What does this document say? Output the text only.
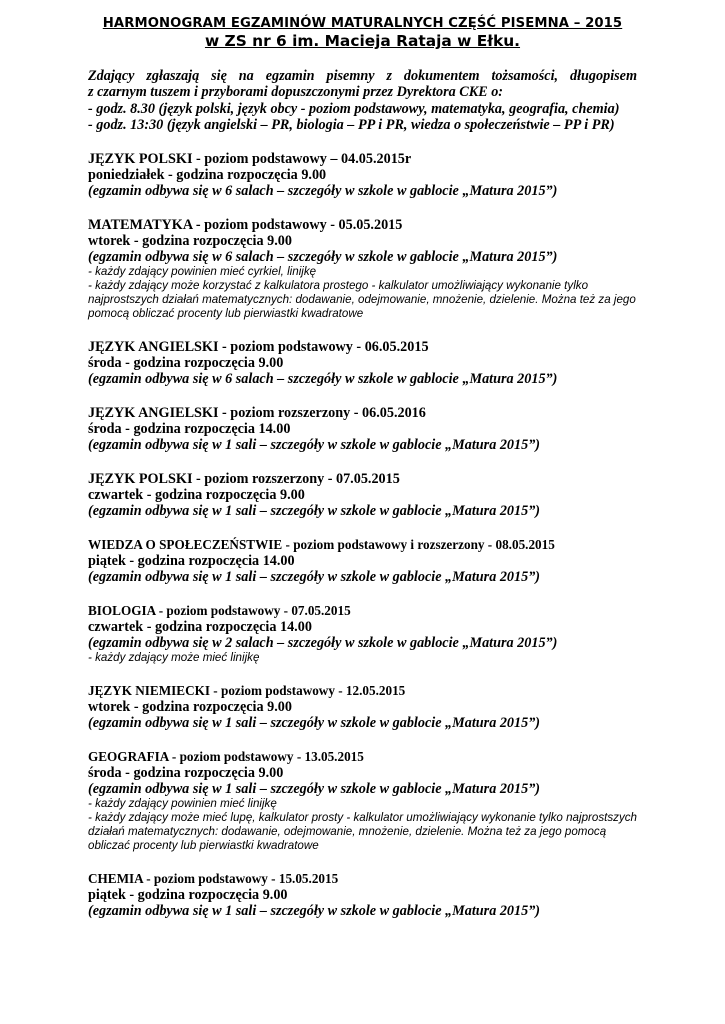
HARMONOGRAM EGZAMINÓW MATURALNYCH CZĘŚĆ PISEMNA – 2015
w ZS nr 6 im. Macieja Rataja w Ełku.
Zdający zgłaszają się na egzamin pisemny z dokumentem tożsamości, długopisem
z czarnym tuszem i przyborami dopuszczonymi przez Dyrektora CKE o:
- godz. 8.30 (język polski, język obcy - poziom podstawowy, matematyka, geografia, chemia)
- godz. 13:30 (język angielski – PR, biologia – PP i PR, wiedza o społeczeństwie – PP i PR)
JĘZYK POLSKI - poziom podstawowy – 04.05.2015r
poniedziałek - godzina rozpoczęcia 9.00
(egzamin odbywa się w 6 salach – szczegóły w szkole w gablocie „Matura 2015”)
MATEMATYKA - poziom podstawowy - 05.05.2015
wtorek - godzina rozpoczęcia 9.00
(egzamin odbywa się w 6 salach – szczegóły w szkole w gablocie „Matura 2015”)
- każdy zdający powinien mieć cyrkiel, linijkę
- każdy zdający może korzystać z kalkulatora prostego - kalkulator umożliwiający wykonanie tylko najprostszych działań matematycznych: dodawanie, odejmowanie, mnożenie, dzielenie. Można też za jego pomocą obliczać procenty lub pierwiastki kwadratowe
JĘZYK ANGIELSKI - poziom podstawowy - 06.05.2015
środa - godzina rozpoczęcia 9.00
(egzamin odbywa się w 6 salach – szczegóły w szkole w gablocie „Matura 2015”)
JĘZYK ANGIELSKI - poziom rozszerzony - 06.05.2016
środa - godzina rozpoczęcia 14.00
(egzamin odbywa się w 1 sali – szczegóły w szkole w gablocie „Matura 2015”)
JĘZYK POLSKI - poziom rozszerzony - 07.05.2015
czwartek - godzina rozpoczęcia 9.00
(egzamin odbywa się w 1 sali – szczegóły w szkole w gablocie „Matura 2015”)
WIEDZA O SPOŁECZEŃSTWIE - poziom podstawowy i rozszerzony - 08.05.2015
piątek - godzina rozpoczęcia 14.00
(egzamin odbywa się w 1 sali – szczegóły w szkole w gablocie „Matura 2015”)
BIOLOGIA - poziom podstawowy - 07.05.2015
czwartek - godzina rozpoczęcia 14.00
(egzamin odbywa się w 2 salach – szczegóły w szkole w gablocie „Matura 2015”)
- każdy zdający może mieć linijkę
JĘZYK NIEMIECKI - poziom podstawowy - 12.05.2015
wtorek - godzina rozpoczęcia 9.00
(egzamin odbywa się w 1 sali – szczegóły w szkole w gablocie „Matura 2015”)
GEOGRAFIA - poziom podstawowy - 13.05.2015
środa - godzina rozpoczęcia 9.00
(egzamin odbywa się w 1 sali – szczegóły w szkole w gablocie „Matura 2015”)
- każdy zdający powinien mieć linijkę
- każdy zdający może mieć lupę, kalkulator prosty - kalkulator umożliwiający wykonanie tylko najprostszych działań matematycznych: dodawanie, odejmowanie, mnożenie, dzielenie. Można też za jego pomocą obliczać procenty lub pierwiastki kwadratowe
CHEMIA - poziom podstawowy - 15.05.2015
piątek - godzina rozpoczęcia 9.00
(egzamin odbywa się w 1 sali – szczegóły w szkole w gablocie „Matura 2015”)
